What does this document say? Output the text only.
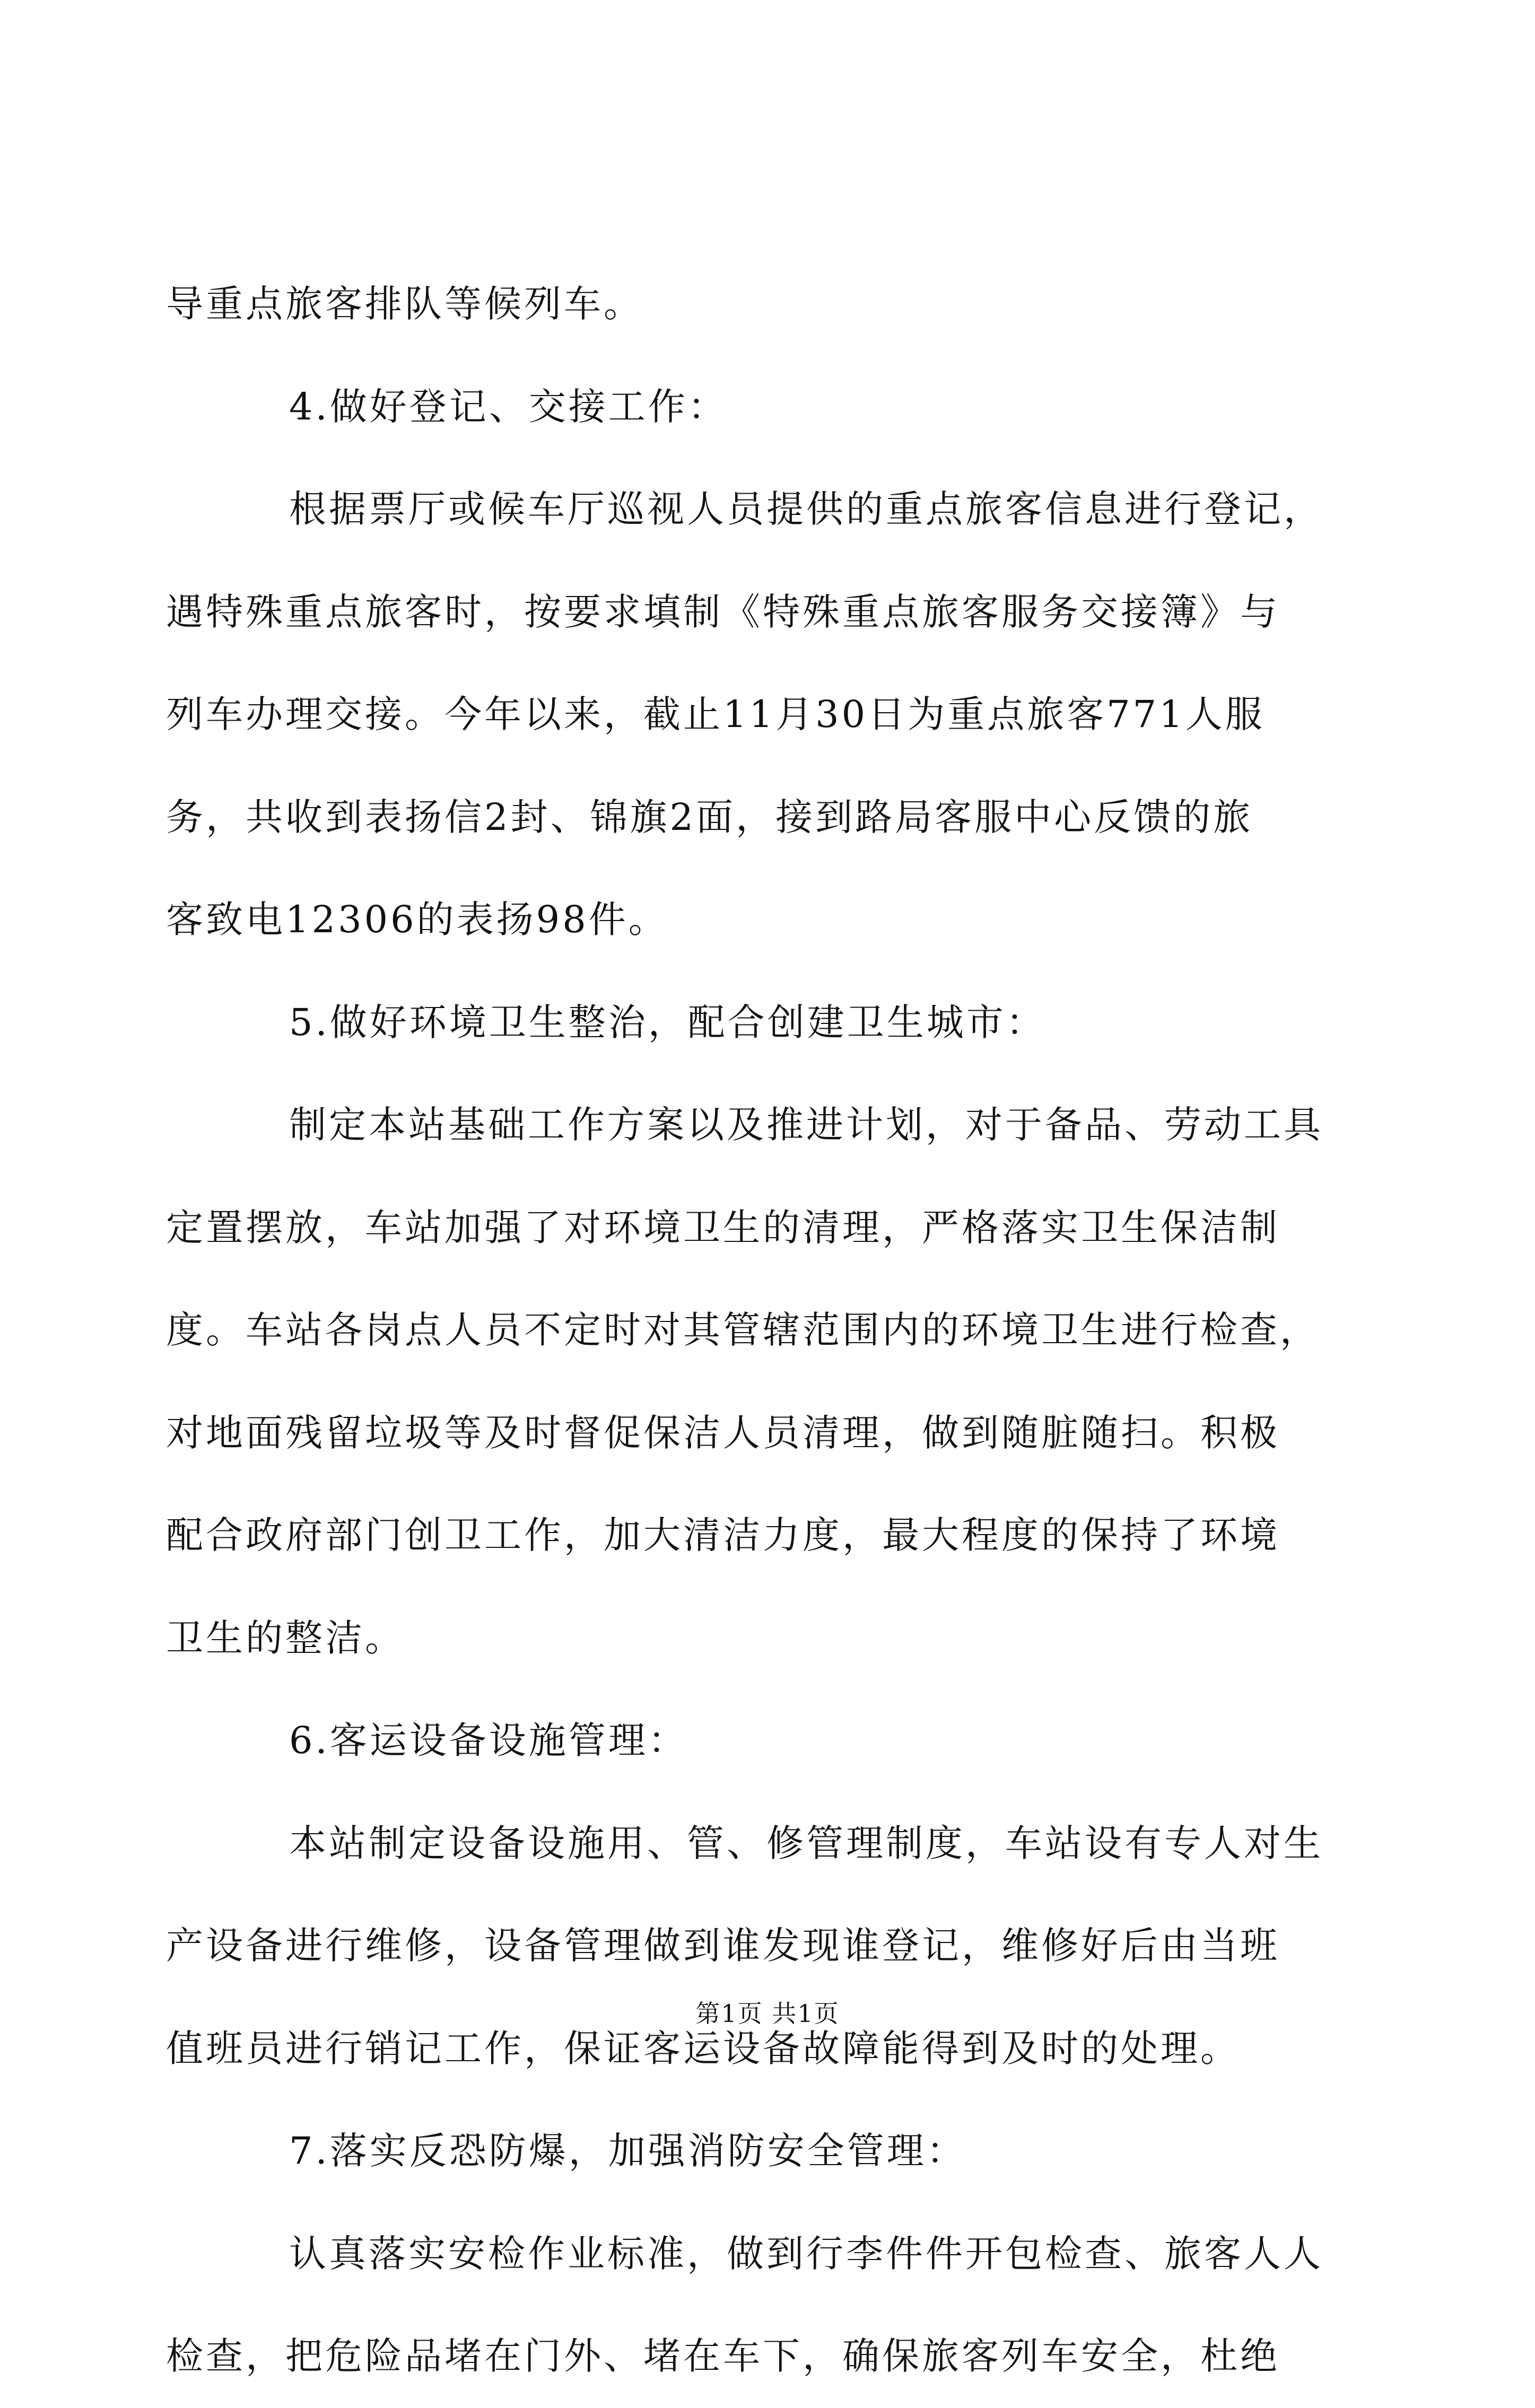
导重点旅客排队等候列车。
4.做好登记、交接工作：
根据票厅或候车厅巡视人员提供的重点旅客信息进行登记，
遇特殊重点旅客时，按要求填制《特殊重点旅客服务交接簿》与
列车办理交接。今年以来，截止11月30日为重点旅客771人服
务，共收到表扬信2封、锦旗2面，接到路局客服中心反馈的旅
客致电12306的表扬98件。
5.做好环境卫生整治，配合创建卫生城市：
制定本站基础工作方案以及推进计划，对于备品、劳动工具
定置摆放，车站加强了对环境卫生的清理，严格落实卫生保洁制
度。车站各岗点人员不定时对其管辖范围内的环境卫生进行检查，
对地面残留垃圾等及时督促保洁人员清理，做到随脏随扫。积极
配合政府部门创卫工作，加大清洁力度，最大程度的保持了环境
卫生的整洁。
6.客运设备设施管理：
本站制定设备设施用、管、修管理制度，车站设有专人对生
产设备进行维修，设备管理做到谁发现谁登记，维修好后由当班
值班员进行销记工作，保证客运设备故障能得到及时的处理。
7.落实反恐防爆，加强消防安全管理：
认真落实安检作业标准，做到行李件件开包检查、旅客人人
检查，把危险品堵在门外、堵在车下，确保旅客列车安全，杜绝
第1页 共1页
